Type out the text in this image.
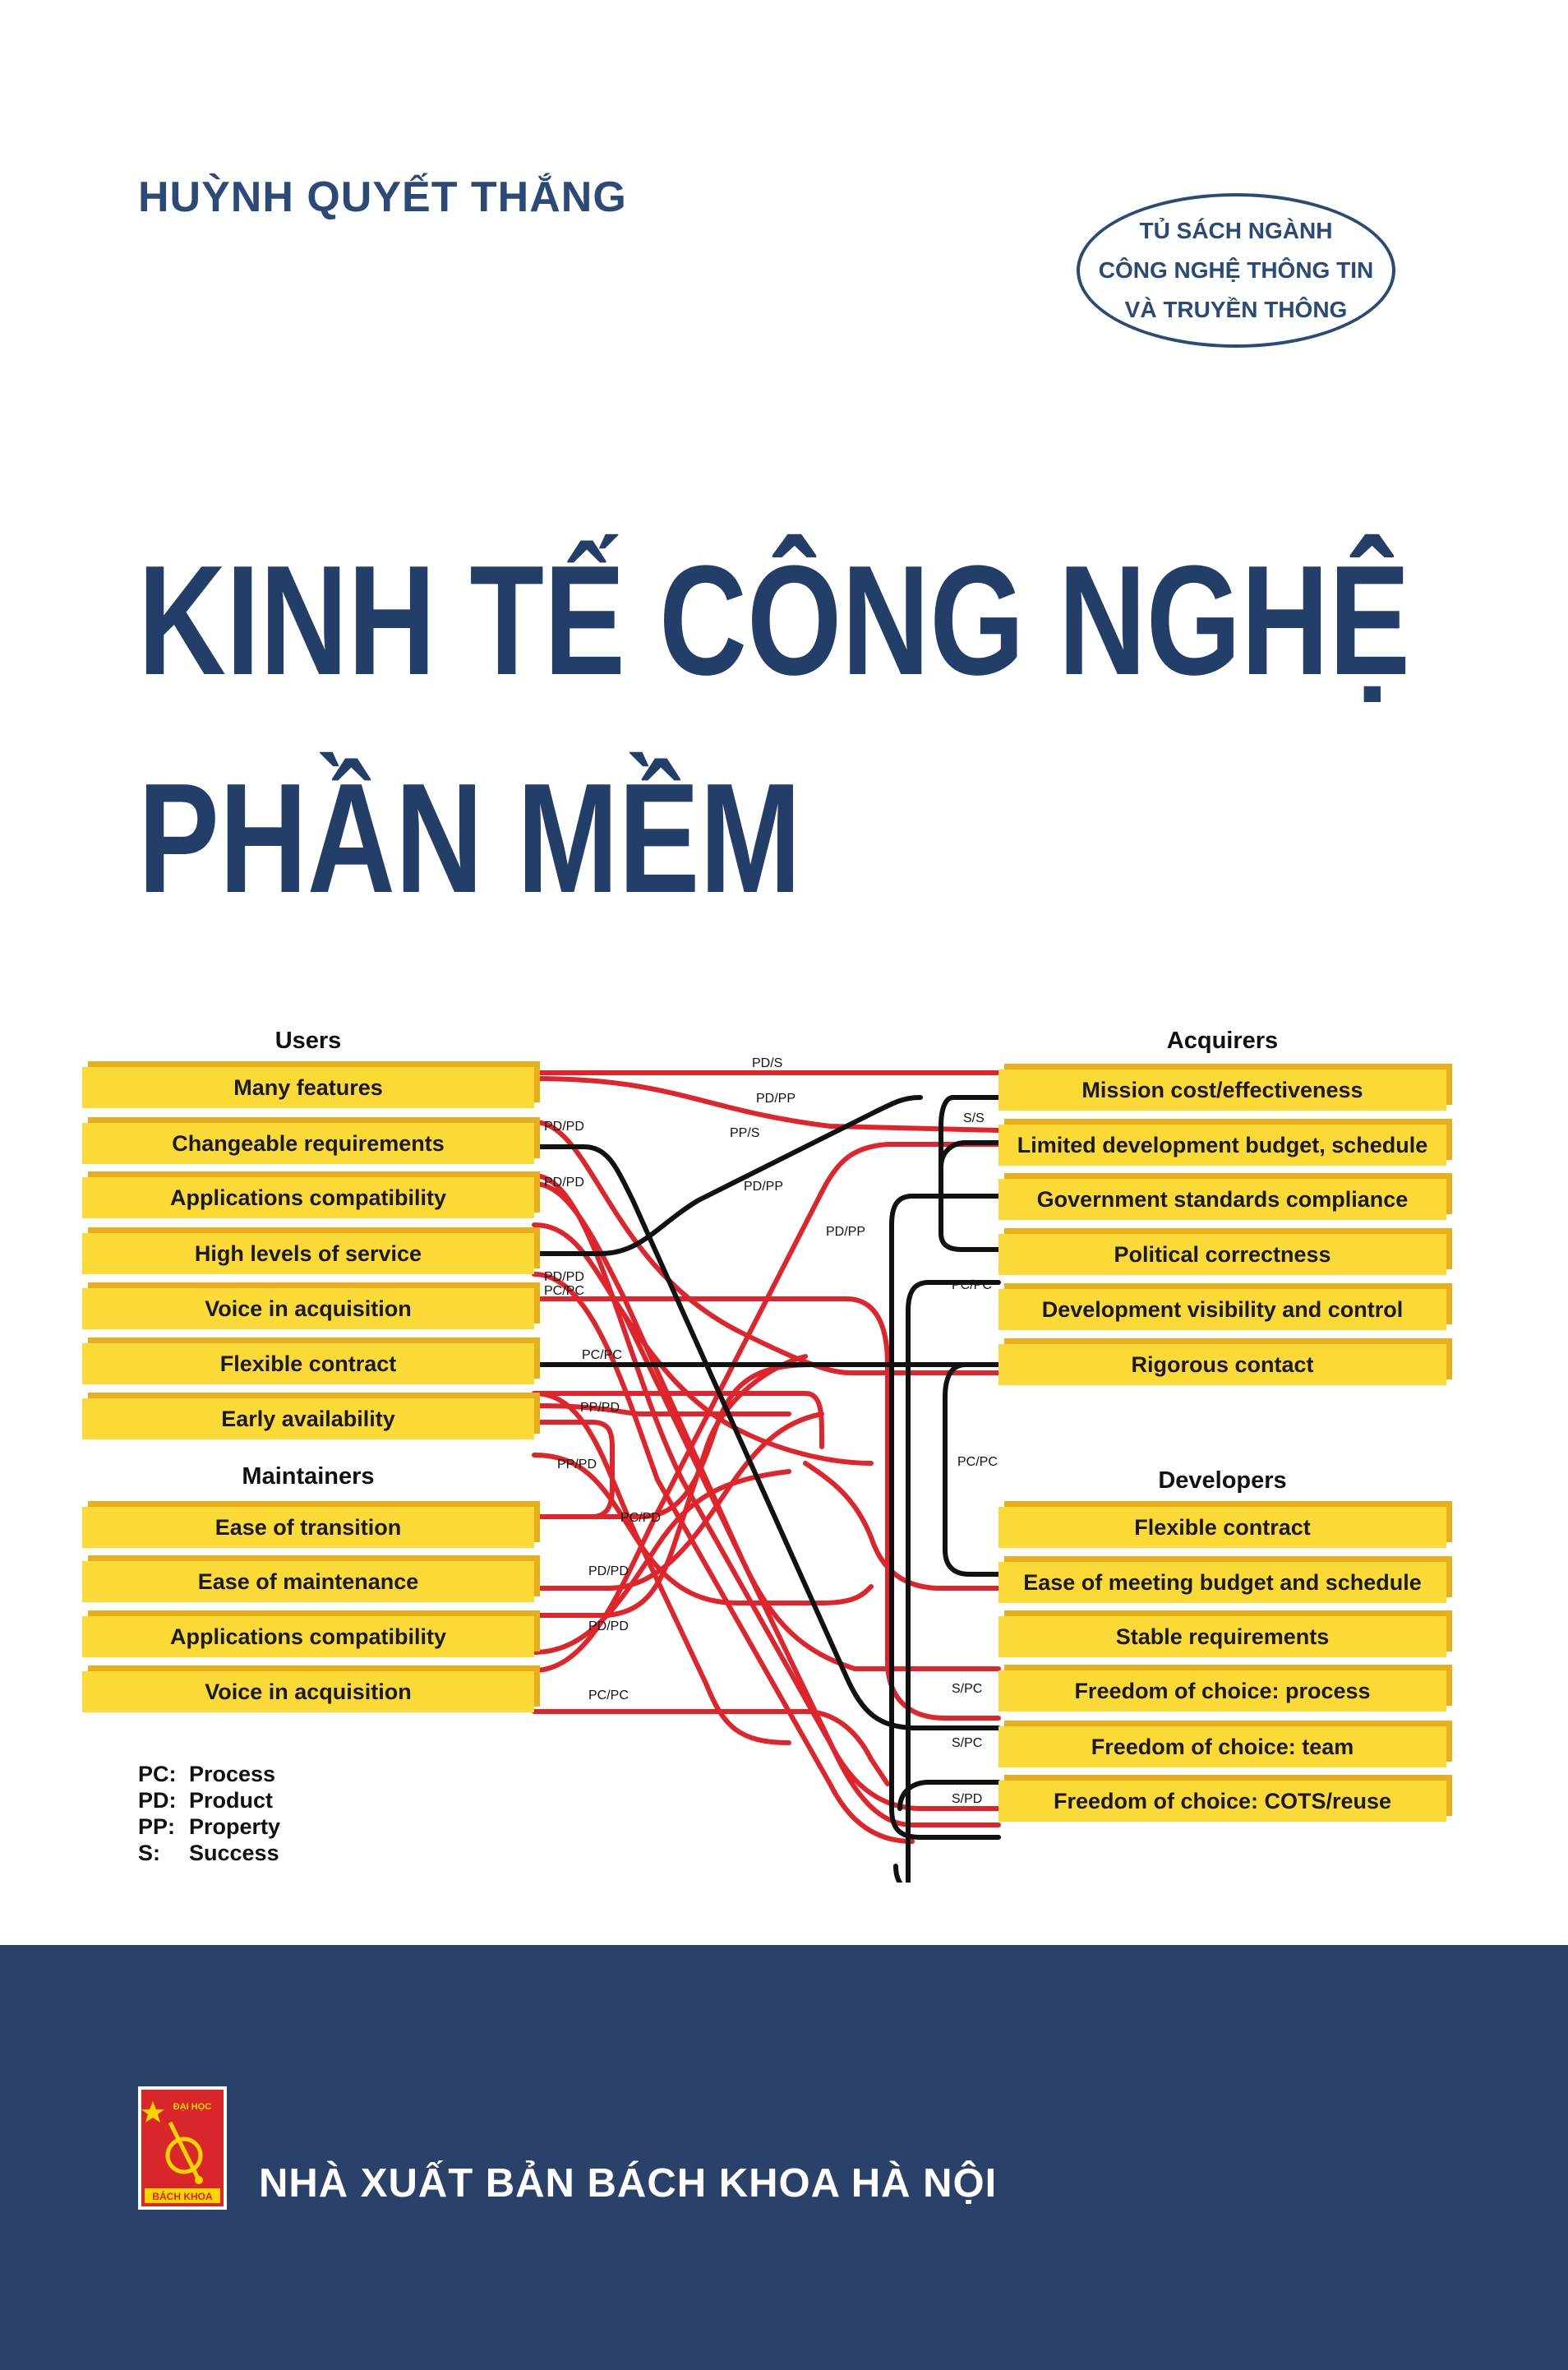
HUỲNH QUYẾT THẮNG
TỦ SÁCH NGÀNH
CÔNG NGHỆ THÔNG TIN
VÀ TRUYỀN THÔNG
KINH TẾ CÔNG NGHỆ
PHẦN MỀM
Users
Maintainers
Acquirers
Developers
Many features
Changeable requirements
Applications compatibility
High levels of service
Voice in acquisition
Flexible contract
Early availability
Ease of transition
Ease of maintenance
Applications compatibility
Voice in acquisition
Mission cost/effectiveness
Limited development budget, schedule
Government standards compliance
Political correctness
Development visibility and control
Rigorous contact
Flexible contract
Ease of meeting budget and schedule
Stable requirements
Freedom of choice: process
Freedom of choice: team
Freedom of choice: COTS/reuse
PD/S
PD/PP
PP/S
PD/PD
PD/PD	PD/PP
PD/PP
S/S
PD/PD
PC/PC	PC/PC
PC/PC
PP/PD
PP/PD
PC/PD
PD/PD
PD/PD
PC/PC
PC/PC
S/PC
S/PC
S/PD
PC: Process
PD: Product
PP: Property
S:	Success
ĐẠI HỌC
BÁCH KHOA NHÀ XUẤT BẢN BÁCH KHOA HÀ NỘI
